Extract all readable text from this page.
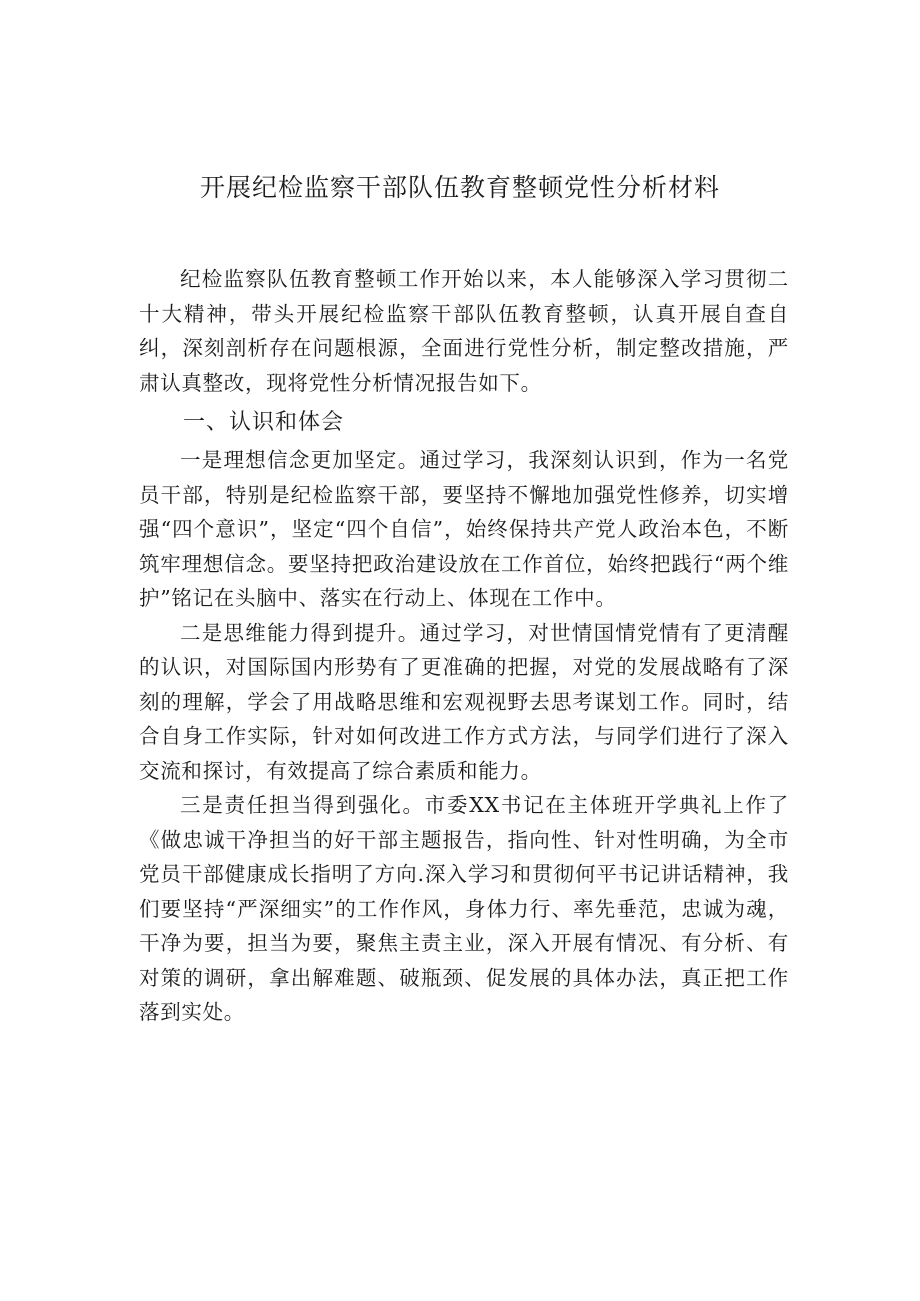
开展纪检监察干部队伍教育整顿党性分析材料

纪检监察队伍教育整顿工作开始以来，本人能够深入学习贯彻二十大精神，带头开展纪检监察干部队伍教育整顿，认真开展自查自纠，深刻剖析存在问题根源，全面进行党性分析，制定整改措施，严肃认真整改，现将党性分析情况报告如下。

一、认识和体会

一是理想信念更加坚定。通过学习，我深刻认识到，作为一名党员干部，特别是纪检监察干部，要坚持不懈地加强党性修养，切实增强“四个意识”，坚定“四个自信”，始终保持共产党人政治本色，不断筑牢理想信念。要坚持把政治建设放在工作首位，始终把践行“两个维护”铭记在头脑中、落实在行动上、体现在工作中。

二是思维能力得到提升。通过学习，对世情国情党情有了更清醒的认识，对国际国内形势有了更准确的把握，对党的发展战略有了深刻的理解，学会了用战略思维和宏观视野去思考谋划工作。同时，结合自身工作实际，针对如何改进工作方式方法，与同学们进行了深入交流和探讨，有效提高了综合素质和能力。

三是责任担当得到强化。市委XX书记在主体班开学典礼上作了《做忠诚干净担当的好干部主题报告，指向性、针对性明确，为全市党员干部健康成长指明了方向.深入学习和贯彻何平书记讲话精神，我们要坚持“严深细实”的工作作风，身体力行、率先垂范，忠诚为魂，干净为要，担当为要，聚焦主责主业，深入开展有情况、有分析、有对策的调研，拿出解难题、破瓶颈、促发展的具体办法，真正把工作落到实处。
